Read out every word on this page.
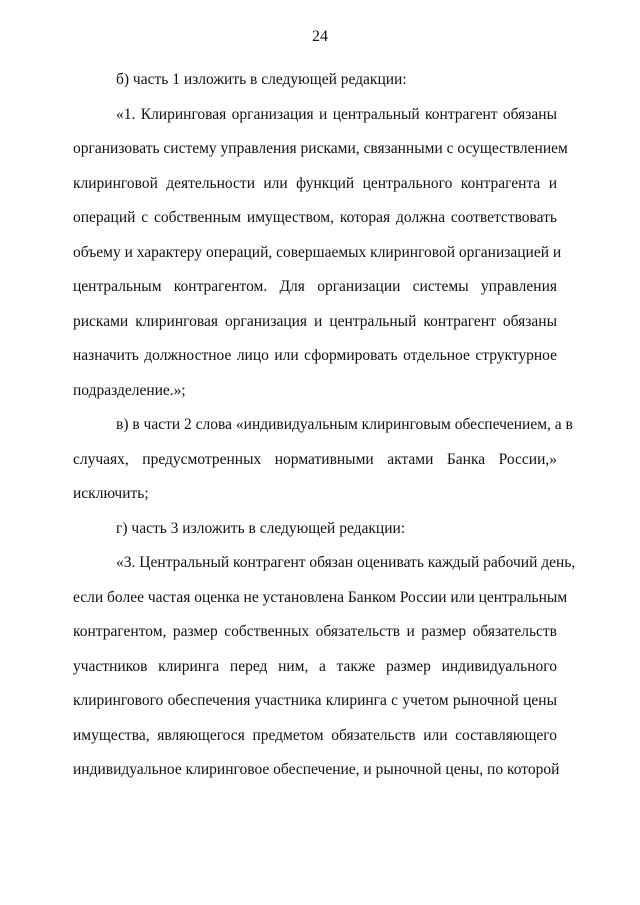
24
б) часть 1 изложить в следующей редакции:
«1. Клиринговая организация и центральный контрагент обязаны
организовать систему управления рисками, связанными с осуществлением
клиринговой деятельности или функций центрального контрагента и
операций с собственным имуществом, которая должна соответствовать
объему и характеру операций, совершаемых клиринговой организацией и
центральным контрагентом. Для организации системы управления
рисками клиринговая организация и центральный контрагент обязаны
назначить должностное лицо или сформировать отдельное структурное
подразделение.»;
в) в части 2 слова «индивидуальным клиринговым обеспечением, а в
случаях, предусмотренных нормативными актами Банка России,»
исключить;
г) часть 3 изложить в следующей редакции:
«3. Центральный контрагент обязан оценивать каждый рабочий день,
если более частая оценка не установлена Банком России или центральным
контрагентом, размер собственных обязательств и размер обязательств
участников клиринга перед ним, а также размер индивидуального
клирингового обеспечения участника клиринга с учетом рыночной цены
имущества, являющегося предметом обязательств или составляющего
индивидуальное клиринговое обеспечение, и рыночной цены, по которой
